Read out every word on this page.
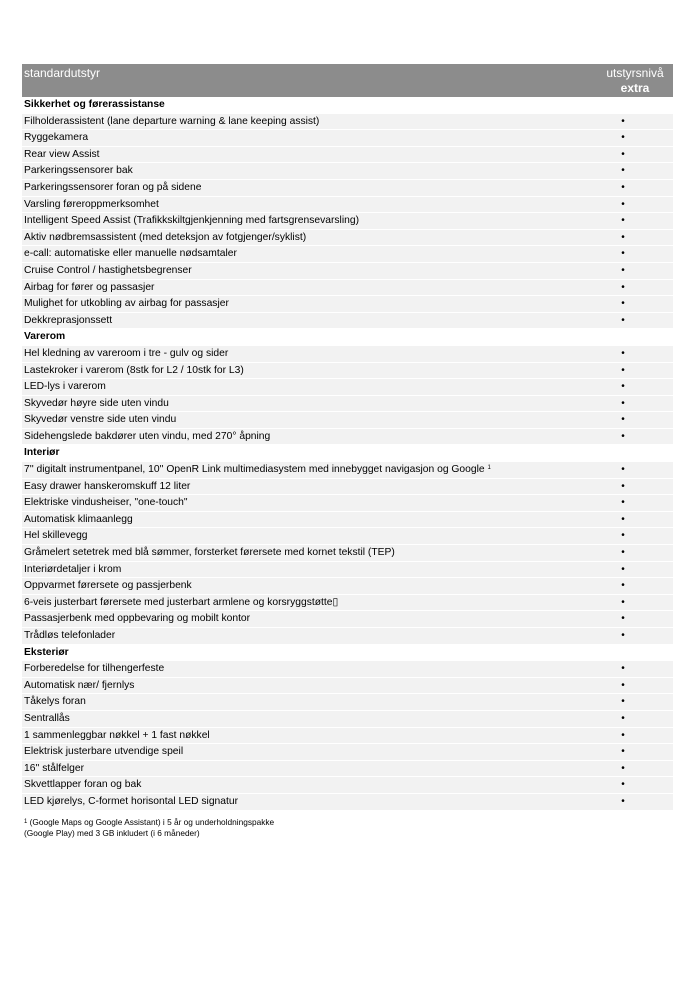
standardutstyr	utstyrsnivå
extra
Sikkerhet og førerassistanse
Filholderassistent (lane departure warning & lane keeping assist)	•
Ryggekamera	•
Rear view Assist	•
Parkeringssensorer bak	•
Parkeringssensorer foran og på sidene	•
Varsling føreroppmerksomhet	•
Intelligent Speed Assist (Trafikkskiltgjenkjenning med fartsgrensevarsling)	•
Aktiv nødbremsassistent (med deteksjon av fotgjenger/syklist)	•
e-call: automatiske eller manuelle nødsamtaler	•
Cruise Control / hastighetsbegrenser	•
Airbag for fører og passasjer	•
Mulighet for utkobling av airbag for passasjer	•
Dekkreprasjonssett	•
Varerom
Hel kledning av vareroom i tre - gulv og sider	•
Lastekroker i varerom (8stk for L2 / 10stk for L3)	•
LED-lys i varerom	•
Skyvedør høyre side uten vindu	•
Skyvedør venstre side uten vindu	•
Sidehengslede bakdører uten vindu, med 270° åpning	•
Interiør
7'' digitalt instrumentpanel, 10'' OpenR Link multimediasystem med innebygget navigasjon og Google $^1$	•
Easy drawer hanskeromskuff 12 liter	•
Elektriske vindusheiser, "one-touch"	•
Automatisk klimaanlegg	•
Hel skillevegg	•
Gråmelert setetrek med blå sømmer, forsterket førersete med kornet tekstil (TEP)	•
Interiørdetaljer i krom	•
Oppvarmet førersete og passjerbenk	•
6-veis justerbart førersete med justerbart armlene og korsryggstøtte▯	•
Passasjerbenk med oppbevaring og mobilt kontor	•
Trådløs telefonlader	•
Eksteriør
Forberedelse for tilhengerfeste	•
Automatisk nær/ fjernlys	•
Tåkelys foran	•
Sentrallås	•
1 sammenleggbar nøkkel + 1 fast nøkkel	•
Elektrisk justerbare utvendige speil	•
16'' stålfelger	•
Skvettlapper foran og bak	•
LED kjørelys, C-formet horisontal LED signatur	•
$^1$ (Google Maps og Google Assistant) i 5 år og underholdningspakke
(Google Play) med 3 GB inkludert (i 6 måneder)
